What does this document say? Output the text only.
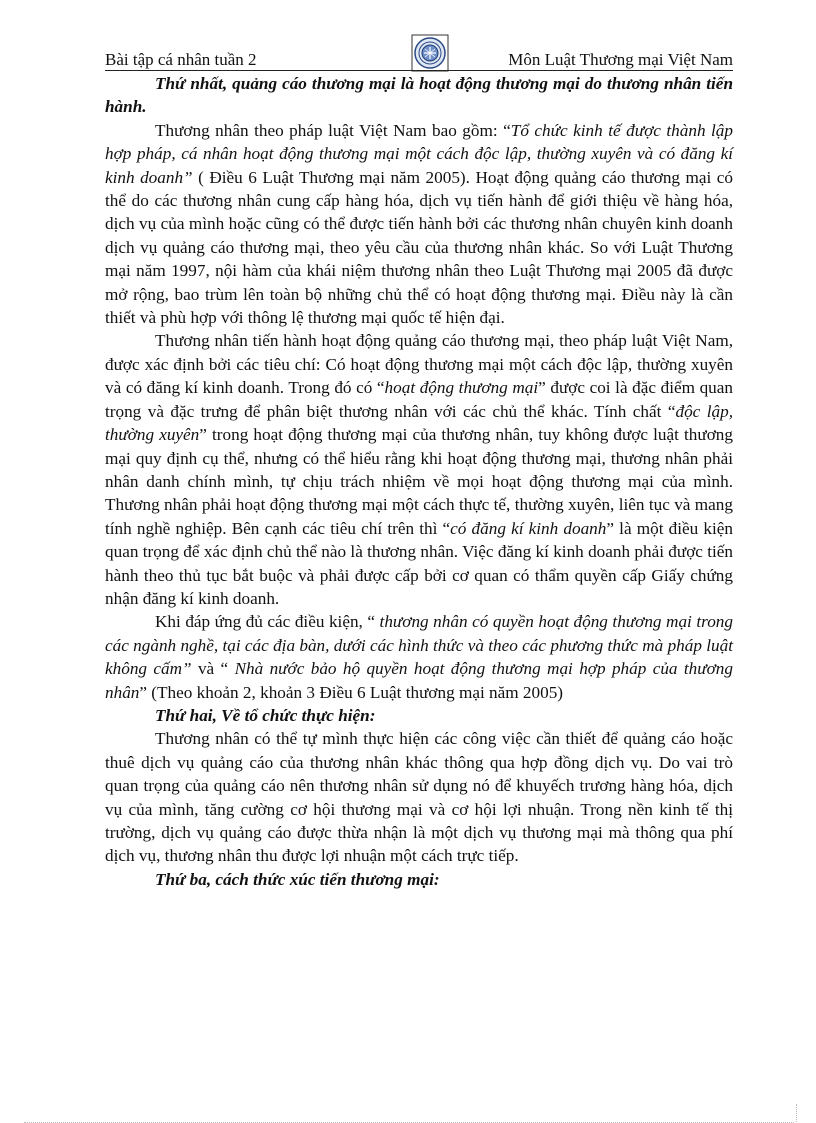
Bài tập cá nhân tuần 2	Môn Luật Thương mại Việt Nam

Thứ nhất, quảng cáo thương mại là hoạt động thương mại do thương nhân tiến hành.

Thương nhân theo pháp luật Việt Nam bao gồm: “Tổ chức kinh tế được thành lập hợp pháp, cá nhân hoạt động thương mại một cách độc lập, thường xuyên và có đăng kí kinh doanh” ( Điều 6 Luật Thương mại năm 2005). Hoạt động quảng cáo thương mại có thể do các thương nhân cung cấp hàng hóa, dịch vụ tiến hành để giới thiệu về hàng hóa, dịch vụ của mình hoặc cũng có thể được tiến hành bởi các thương nhân chuyên kinh doanh dịch vụ quảng cáo thương mại, theo yêu cầu của thương nhân khác. So với Luật Thương mại năm 1997, nội hàm của khái niệm thương nhân theo Luật Thương mại 2005 đã được mở rộng, bao trùm lên toàn bộ những chủ thể có hoạt động thương mại. Điều này là cần thiết và phù hợp với thông lệ thương mại quốc tế hiện đại.

Thương nhân tiến hành hoạt động quảng cáo thương mại, theo pháp luật Việt Nam, được xác định bởi các tiêu chí: Có hoạt động thương mại một cách độc lập, thường xuyên và có đăng kí kinh doanh. Trong đó có “hoạt động thương mại” được coi là đặc điểm quan trọng và đặc trưng để phân biệt thương nhân với các chủ thể khác. Tính chất “độc lập, thường xuyên” trong hoạt động thương mại của thương nhân, tuy không được luật thương mại quy định cụ thể, nhưng có thể hiểu rằng khi hoạt động thương mại, thương nhân phải nhân danh chính mình, tự chịu trách nhiệm về mọi hoạt động thương mại của mình. Thương nhân phải hoạt động thương mại một cách thực tế, thường xuyên, liên tục và mang tính nghề nghiệp. Bên cạnh các tiêu chí trên thì “có đăng kí kinh doanh” là một điều kiện quan trọng để xác định chủ thể nào là thương nhân. Việc đăng kí kinh doanh phải được tiến hành theo thủ tục bắt buộc và phải được cấp bởi cơ quan có thẩm quyền cấp Giấy chứng nhận đăng kí kinh doanh.

Khi đáp ứng đủ các điều kiện, “ thương nhân có quyền hoạt động thương mại trong các ngành nghề, tại các địa bàn, dưới các hình thức và theo các phương thức mà pháp luật không cấm” và “ Nhà nước bảo hộ quyền hoạt động thương mại hợp pháp của thương nhân” (Theo khoản 2, khoản 3 Điều 6 Luật thương mại năm 2005)

Thứ hai, Về tổ chức thực hiện:

Thương nhân có thể tự mình thực hiện các công việc cần thiết để quảng cáo hoặc thuê dịch vụ quảng cáo của thương nhân khác thông qua hợp đồng dịch vụ. Do vai trò quan trọng của quảng cáo nên thương nhân sử dụng nó để khuyếch trương hàng hóa, dịch vụ của mình, tăng cường cơ hội thương mại và cơ hội lợi nhuận. Trong nền kinh tế thị trường, dịch vụ quảng cáo được thừa nhận là một dịch vụ thương mại mà thông qua phí dịch vụ, thương nhân thu được lợi nhuận một cách trực tiếp.

Thứ ba, cách thức xúc tiến thương mại:
